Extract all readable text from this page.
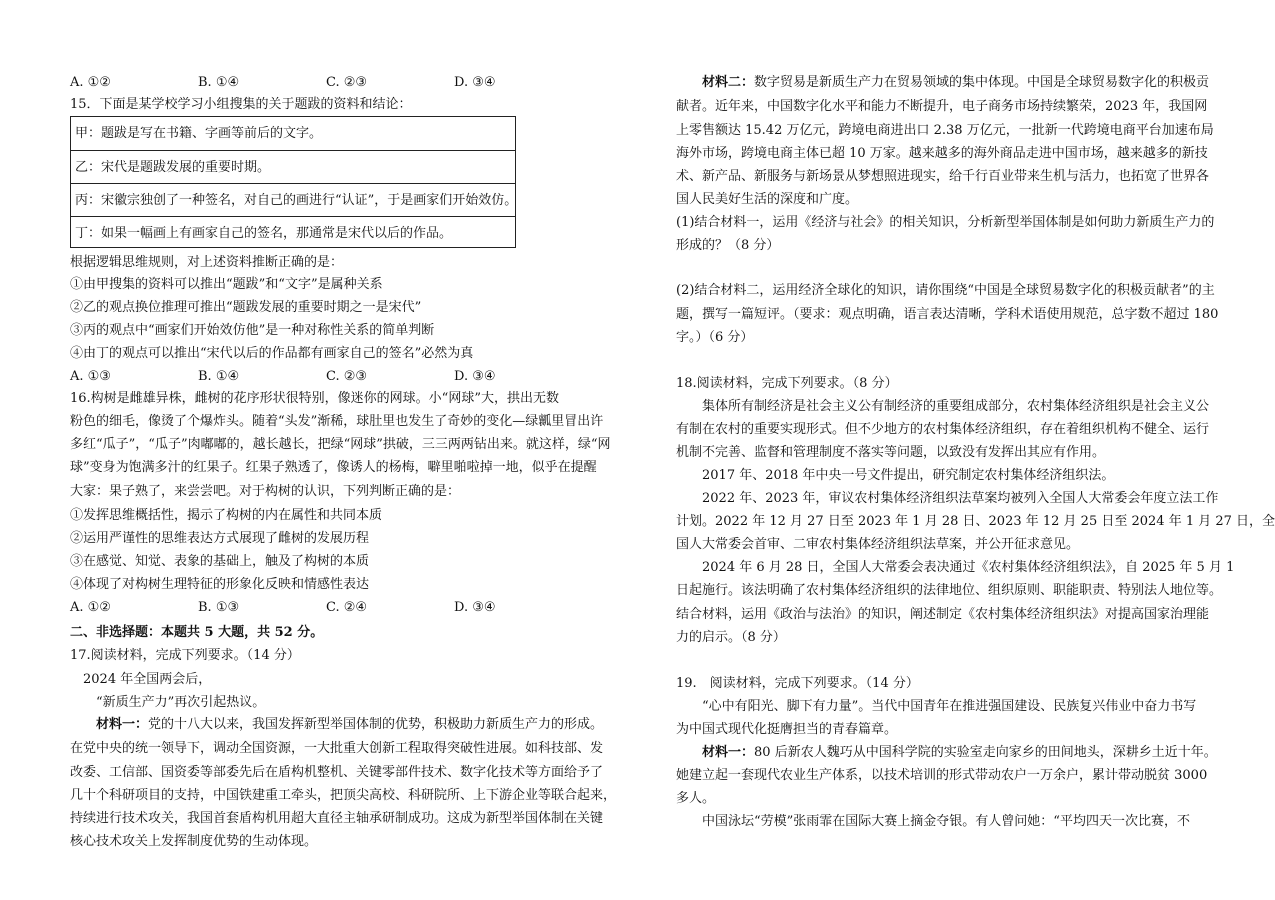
A. ①②	B. ①④	C. ②③	D. ③④
15．下面是某学校学习小组搜集的关于题跋的资料和结论：
甲：题跋是写在书籍、字画等前后的文字。
乙：宋代是题跋发展的重要时期。
丙：宋徽宗独创了一种签名，对自己的画进行“认证”，于是画家们开始效仿。
丁：如果一幅画上有画家自己的签名，那通常是宋代以后的作品。
根据逻辑思维规则，对上述资料推断正确的是：
①由甲搜集的资料可以推出“题跋”和“文字”是属种关系
②乙的观点换位推理可推出“题跋发展的重要时期之一是宋代”
③丙的观点中“画家们开始效仿他”是一种对称性关系的简单判断
④由丁的观点可以推出“宋代以后的作品都有画家自己的签名”必然为真
A. ①③	B. ①④	C. ②③	D. ③④
16.构树是雌雄异株，雌树的花序形状很特别，像迷你的网球。小“网球”大，拱出无数
粉色的细毛，像烫了个爆炸头。随着“头发”渐稀，球肚里也发生了奇妙的变化—绿瓤里冒出许
多红“瓜子”，“瓜子”肉嘟嘟的，越长越长，把绿“网球”拱破，三三两两钻出来。就这样，绿“网
球”变身为饱满多汁的红果子。红果子熟透了，像诱人的杨梅，噼里啪啦掉一地，似乎在提醒
大家：果子熟了，来尝尝吧。对于构树的认识，下列判断正确的是：
①发挥思维概括性，揭示了构树的内在属性和共同本质
②运用严谨性的思维表达方式展现了雌树的发展历程
③在感觉、知觉、表象的基础上，触及了构树的本质
④体现了对构树生理特征的形象化反映和情感性表达
A. ①②	B. ①③	C. ②④	D. ③④
二、非选择题：本题共 5 大题，共 52 分。
17.阅读材料，完成下列要求。（14 分）
2024 年全国两会后，
“新质生产力”再次引起热议。
材料一：党的十八大以来，我国发挥新型举国体制的优势，积极助力新质生产力的形成。
在党中央的统一领导下，调动全国资源，一大批重大创新工程取得突破性进展。如科技部、发
改委、工信部、国资委等部委先后在盾构机整机、关键零部件技术、数字化技术等方面给予了
几十个科研项目的支持，中国铁建重工牵头，把顶尖高校、科研院所、上下游企业等联合起来，
持续进行技术攻关，我国首套盾构机用超大直径主轴承研制成功。这成为新型举国体制在关键
核心技术攻关上发挥制度优势的生动体现。
材料二：数字贸易是新质生产力在贸易领域的集中体现。中国是全球贸易数字化的积极贡
献者。近年来，中国数字化水平和能力不断提升，电子商务市场持续繁荣，2023 年，我国网
上零售额达 15.42 万亿元，跨境电商进出口 2.38 万亿元，一批新一代跨境电商平台加速布局
海外市场，跨境电商主体已超 10 万家。越来越多的海外商品走进中国市场，越来越多的新技
术、新产品、新服务与新场景从梦想照进现实，给千行百业带来生机与活力，也拓宽了世界各
国人民美好生活的深度和广度。
(1)结合材料一，运用《经济与社会》的相关知识，分析新型举国体制是如何助力新质生产力的
形成的？（8 分）
(2)结合材料二，运用经济全球化的知识，请你围绕“中国是全球贸易数字化的积极贡献者”的主
题，撰写一篇短评。（要求：观点明确，语言表达清晰，学科术语使用规范，总字数不超过 180
字。）（6 分）
18.阅读材料，完成下列要求。（8 分）
集体所有制经济是社会主义公有制经济的重要组成部分，农村集体经济组织是社会主义公
有制在农村的重要实现形式。但不少地方的农村集体经济组织，存在着组织机构不健全、运行
机制不完善、监督和管理制度不落实等问题，以致没有发挥出其应有作用。
2017 年、2018 年中央一号文件提出，研究制定农村集体经济组织法。
2022 年、2023 年，审议农村集体经济组织法草案均被列入全国人大常委会年度立法工作
计划。2022 年 12 月 27 日至 2023 年 1 月 28 日、2023 年 12 月 25 日至 2024 年 1 月 27 日，全
国人大常委会首审、二审农村集体经济组织法草案，并公开征求意见。
2024 年 6 月 28 日，全国人大常委会表决通过《农村集体经济组织法》，自 2025 年 5 月 1
日起施行。该法明确了农村集体经济组织的法律地位、组织原则、职能职责、特别法人地位等。
结合材料，运用《政治与法治》的知识，阐述制定《农村集体经济组织法》对提高国家治理能
力的启示。（8 分）
19.　阅读材料，完成下列要求。（14 分）
“心中有阳光、脚下有力量”。当代中国青年在推进强国建设、民族复兴伟业中奋力书写
为中国式现代化挺膺担当的青春篇章。
材料一：80 后新农人魏巧从中国科学院的实验室走向家乡的田间地头，深耕乡土近十年。
她建立起一套现代农业生产体系，以技术培训的形式带动农户一万余户，累计带动脱贫 3000
多人。
中国泳坛“劳模”张雨霏在国际大赛上摘金夺银。有人曾问她：“平均四天一次比赛，不
